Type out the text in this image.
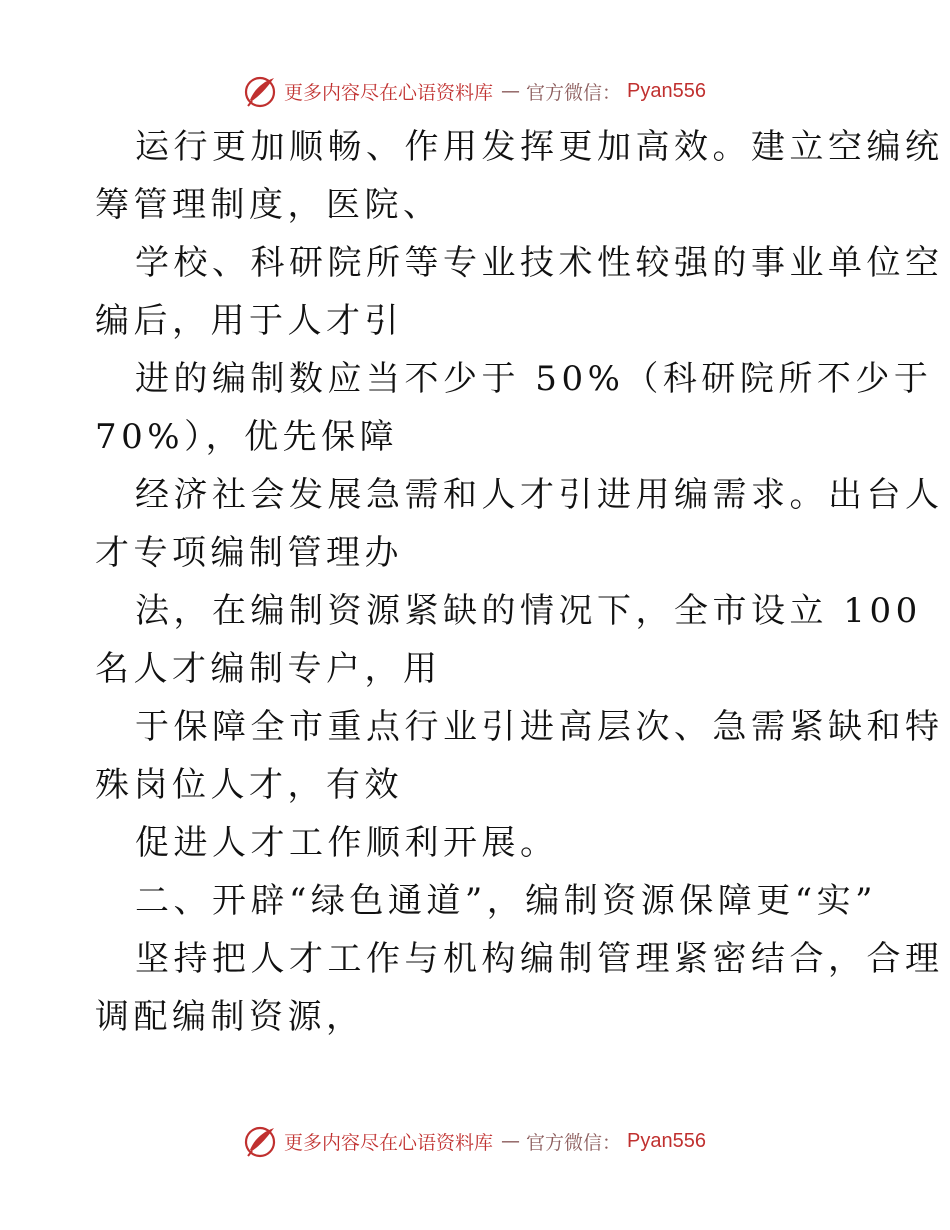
更多内容尽在心语资料库 — 官方微信： Pyan556
运行更加顺畅、作用发挥更加高效。建立空编统
筹管理制度，医院、
学校、科研院所等专业技术性较强的事业单位空
编后，用于人才引
进的编制数应当不少于 50%（科研院所不少于
70%），优先保障
经济社会发展急需和人才引进用编需求。出台人
才专项编制管理办
法，在编制资源紧缺的情况下，全市设立 100
名人才编制专户，用
于保障全市重点行业引进高层次、急需紧缺和特
殊岗位人才，有效
促进人才工作顺利开展。
二、开辟“绿色通道”，编制资源保障更“实”
坚持把人才工作与机构编制管理紧密结合，合理
调配编制资源，
更多内容尽在心语资料库 — 官方微信： Pyan556
